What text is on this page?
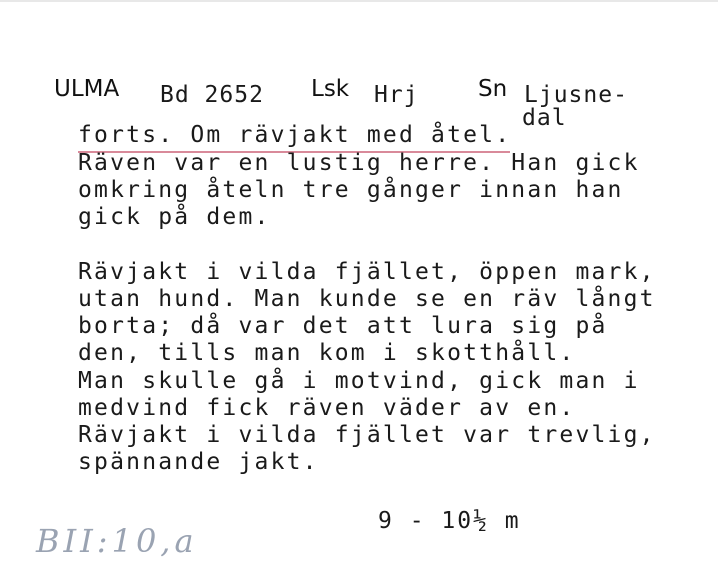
ULMA Bd 2652 Lsk Hrj	Sn Ljusne-
dal
forts. Om rävjakt med åtel.
Räven var en lustig herre. Han gick
omkring åteln tre gånger innan han
gick på dem.
Rävjakt i vilda fjället, öppen mark,
utan hund. Man kunde se en räv långt
borta; då var det att lura sig på
den, tills man kom i skotthåll.
Man skulle gå i motvind, gick man i
medvind fick räven väder av en.
Rävjakt i vilda fjället var trevlig,
spännande jakt.
9 - 10½ m
BII:10,a
